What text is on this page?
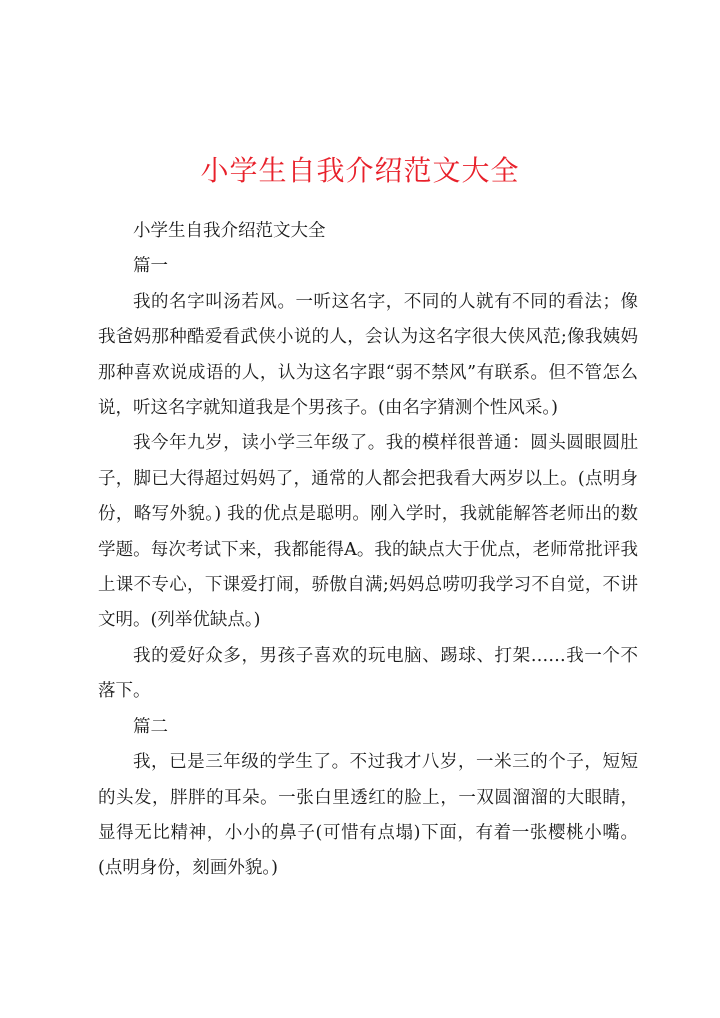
小学生自我介绍范文大全

小学生自我介绍范文大全

篇一

我的名字叫汤若风。一听这名字，不同的人就有不同的看法；像我爸妈那种酷爱看武侠小说的人，会认为这名字很大侠风范;像我姨妈那种喜欢说成语的人，认为这名字跟“弱不禁风”有联系。但不管怎么说，听这名字就知道我是个男孩子。(由名字猜测个性风采。)

我今年九岁，读小学三年级了。我的模样很普通：圆头圆眼圆肚子，脚已大得超过妈妈了，通常的人都会把我看大两岁以上。(点明身份，略写外貌。) 我的优点是聪明。刚入学时，我就能解答老师出的数学题。每次考试下来，我都能得A。我的缺点大于优点，老师常批评我上课不专心，下课爱打闹，骄傲自满;妈妈总唠叨我学习不自觉，不讲文明。(列举优缺点。)

我的爱好众多，男孩子喜欢的玩电脑、踢球、打架……我一个不落下。

篇二

我，已是三年级的学生了。不过我才八岁，一米三的个子，短短的头发，胖胖的耳朵。一张白里透红的脸上，一双圆溜溜的大眼睛，显得无比精神，小小的鼻子(可惜有点塌)下面，有着一张樱桃小嘴。(点明身份，刻画外貌。)
